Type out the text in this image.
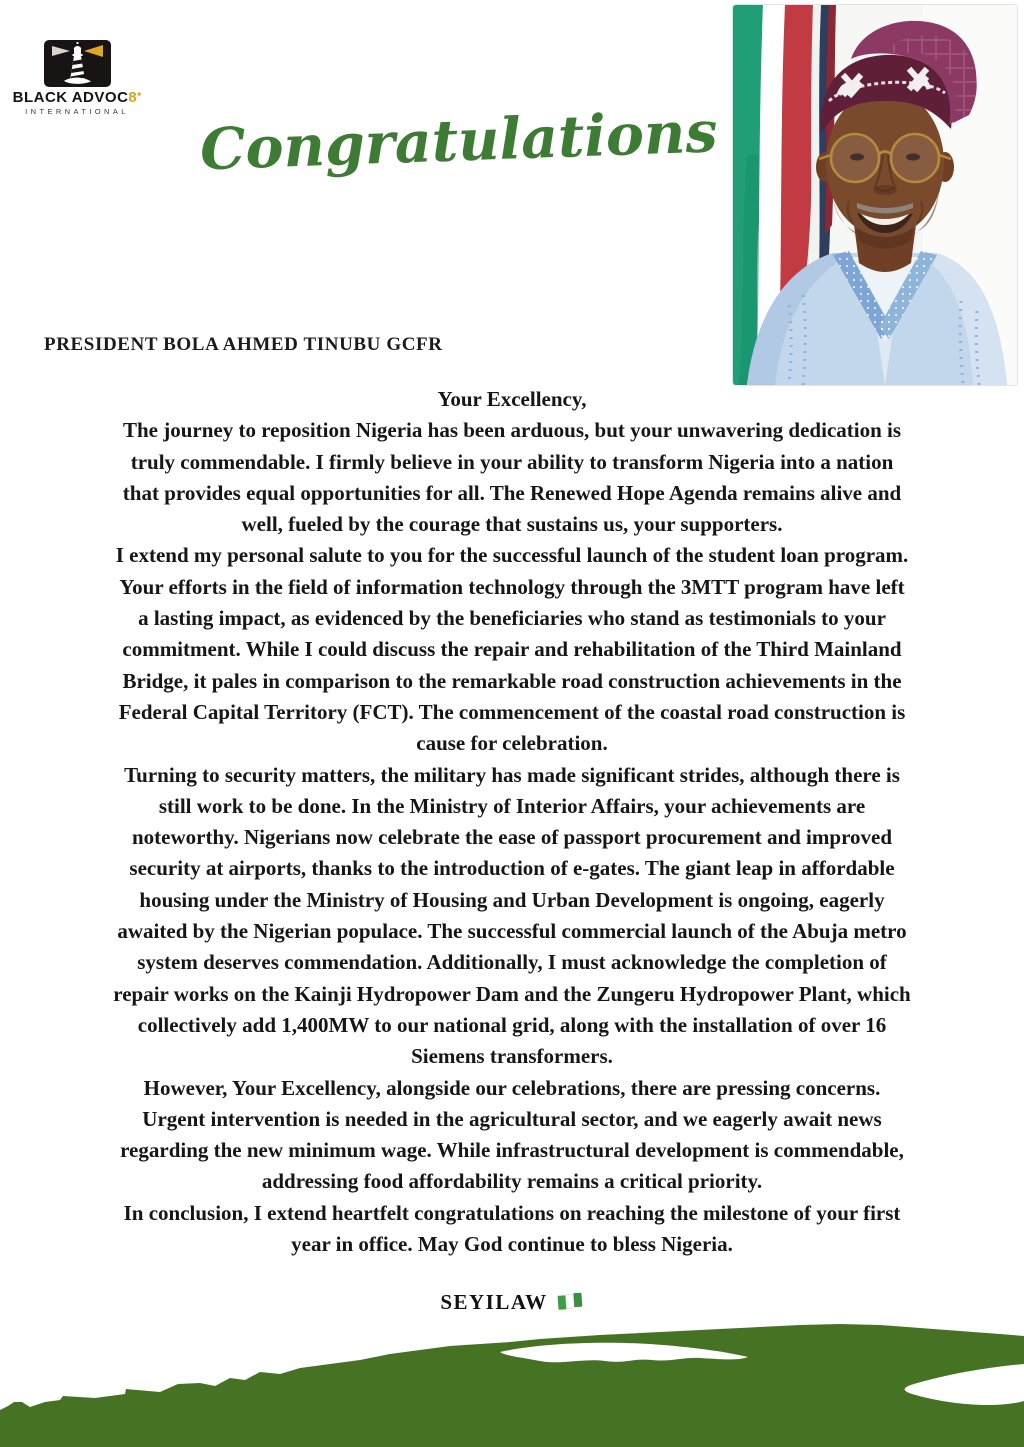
BLACK ADVOC8■
INTERNATIONAL Congratulations
PRESIDENT BOLA AHMED TINUBU GCFR
Your Excellency,
The journey to reposition Nigeria has been arduous, but your unwavering dedication is
truly commendable. I firmly believe in your ability to transform Nigeria into a nation
that provides equal opportunities for all. The Renewed Hope Agenda remains alive and
well, fueled by the courage that sustains us, your supporters.
I extend my personal salute to you for the successful launch of the student loan program.
Your efforts in the field of information technology through the 3MTT program have left
a lasting impact, as evidenced by the beneficiaries who stand as testimonials to your
commitment. While I could discuss the repair and rehabilitation of the Third Mainland
Bridge, it pales in comparison to the remarkable road construction achievements in the
Federal Capital Territory (FCT). The commencement of the coastal road construction is
cause for celebration.
Turning to security matters, the military has made significant strides, although there is
still work to be done. In the Ministry of Interior Affairs, your achievements are
noteworthy. Nigerians now celebrate the ease of passport procurement and improved
security at airports, thanks to the introduction of e-gates. The giant leap in affordable
housing under the Ministry of Housing and Urban Development is ongoing, eagerly
awaited by the Nigerian populace. The successful commercial launch of the Abuja metro
system deserves commendation. Additionally, I must acknowledge the completion of
repair works on the Kainji Hydropower Dam and the Zungeru Hydropower Plant, which
collectively add 1,400MW to our national grid, along with the installation of over 16
Siemens transformers.
However, Your Excellency, alongside our celebrations, there are pressing concerns.
Urgent intervention is needed in the agricultural sector, and we eagerly await news
regarding the new minimum wage. While infrastructural development is commendable,
addressing food affordability remains a critical priority.
In conclusion, I extend heartfelt congratulations on reaching the milestone of your first
year in office. May God continue to bless Nigeria.
SEYILAW
